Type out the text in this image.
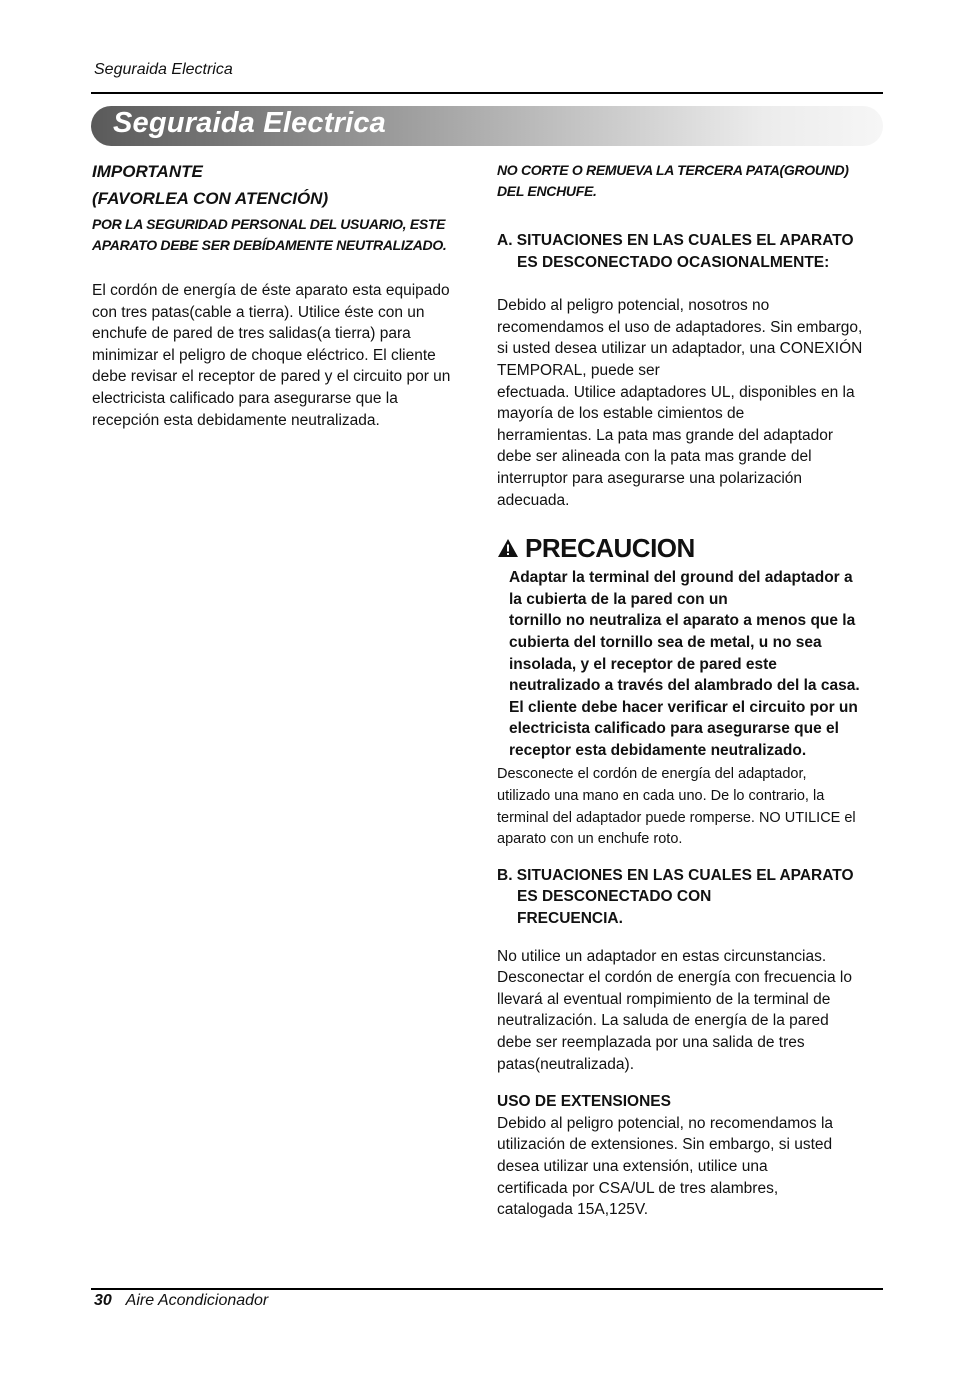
Seguraida Electrica
Seguraida Electrica
IMPORTANTE
(FAVORLEA CON ATENCIÓN)
POR LA SEGURIDAD PERSONAL DEL USUARIO, ESTE
APARATO DEBE SER DEBÍDAMENTE NEUTRALIZADO.
El cordón de energía de éste aparato esta equipado
con tres patas(cable a tierra). Utilice éste con un
enchufe de pared de tres salidas(a tierra) para
minimizar el peligro de choque eléctrico. El cliente
debe revisar el receptor de pared y el circuito por un
electricista calificado para asegurarse que la
recepción esta debidamente neutralizada.
NO CORTE O REMUEVA LA TERCERA PATA(GROUND)
DEL ENCHUFE.
A. SITUACIONES EN LAS CUALES EL APARATO
ES DESCONECTADO OCASIONALMENTE:
Debido al peligro potencial, nosotros no
recomendamos el uso de adaptadores. Sin embargo,
si usted desea utilizar un adaptador, una CONEXIÓN
TEMPORAL, puede ser
efectuada. Utilice adaptadores UL, disponibles en la
mayoría de los estable cimientos de
herramientas. La pata mas grande del adaptador
debe ser alineada con la pata mas grande del
interruptor para asegurarse una polarización
adecuada.
PRECAUCION
Adaptar la terminal del ground del adaptador a
la cubierta de la pared con un
tornillo no neutraliza el aparato a menos que la
cubierta del tornillo sea de metal, u no sea
insolada, y el receptor de pared este
neutralizado a través del alambrado del la casa.
El cliente debe hacer verificar el circuito por un
electricista calificado para asegurarse que el
receptor esta debidamente neutralizado.
Desconecte el cordón de energía del adaptador,
utilizado una mano en cada uno. De lo contrario, la
terminal del adaptador puede romperse. NO UTILICE el
aparato con un enchufe roto.
B. SITUACIONES EN LAS CUALES EL APARATO
ES DESCONECTADO CON
FRECUENCIA.
No utilice un adaptador en estas circunstancias.
Desconectar el cordón de energía con frecuencia lo
llevará al eventual rompimiento de la terminal de
neutralización. La saluda de energía de la pared
debe ser reemplazada por una salida de tres
patas(neutralizada).
USO DE EXTENSIONES
Debido al peligro potencial, no recomendamos la
utilización de extensiones. Sin embargo, si usted
desea utilizar una extensión, utilice una
certificada por CSA/UL de tres alambres,
catalogada 15A,125V.
30 Aire Acondicionador
